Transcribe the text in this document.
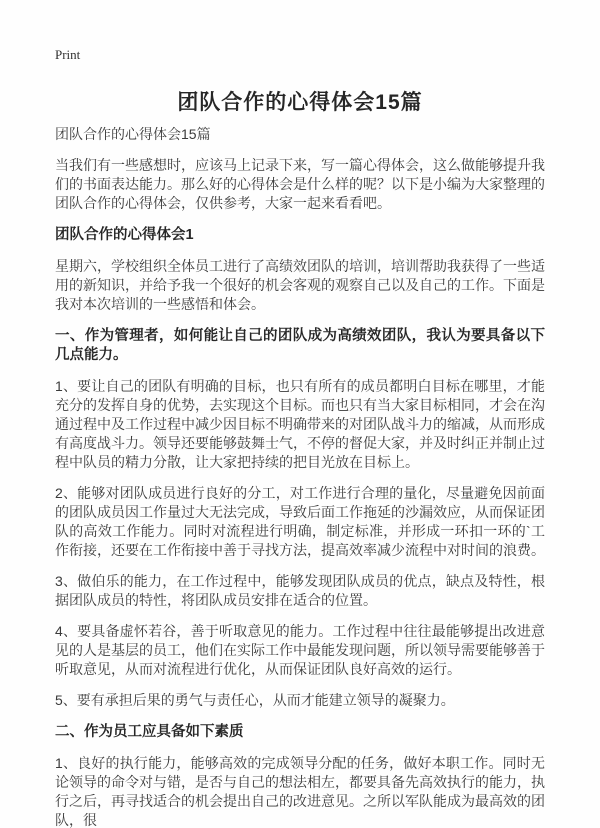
Print
团队合作的心得体会15篇

团队合作的心得体会15篇

当我们有一些感想时，应该马上记录下来，写一篇心得体会，这么做能够提升我们的书面表达能力。那么好的心得体会是什么样的呢？以下是小编为大家整理的团队合作的心得体会，仅供参考，大家一起来看看吧。

团队合作的心得体会1

星期六，学校组织全体员工进行了高绩效团队的培训，培训帮助我获得了一些适用的新知识，并给予我一个很好的机会客观的观察自己以及自己的工作。下面是我对本次培训的一些感悟和体会。

一、作为管理者，如何能让自己的团队成为高绩效团队，我认为要具备以下几点能力。

1、要让自己的团队有明确的目标，也只有所有的成员都明白目标在哪里，才能充分的发挥自身的优势，去实现这个目标。而也只有当大家目标相同，才会在沟通过程中及工作过程中减少因目标不明确带来的对团队战斗力的缩减，从而形成有高度战斗力。领导还要能够鼓舞士气，不停的督促大家，并及时纠正并制止过程中队员的精力分散，让大家把持续的把目光放在目标上。

2、能够对团队成员进行良好的分工，对工作进行合理的量化，尽量避免因前面的团队成员因工作量过大无法完成，导致后面工作拖延的沙漏效应，从而保证团队的高效工作能力。同时对流程进行明确，制定标准，并形成一环扣一环的`工作衔接，还要在工作衔接中善于寻找方法，提高效率减少流程中对时间的浪费。

3、做伯乐的能力，在工作过程中，能够发现团队成员的优点，缺点及特性，根据团队成员的特性，将团队成员安排在适合的位置。

4、要具备虚怀若谷，善于听取意见的能力。工作过程中往往最能够提出改进意见的人是基层的员工，他们在实际工作中最能发现问题，所以领导需要能够善于听取意见，从而对流程进行优化，从而保证团队良好高效的运行。

5、要有承担后果的勇气与责任心，从而才能建立领导的凝聚力。

二、作为员工应具备如下素质

1、良好的执行能力，能够高效的完成领导分配的任务，做好本职工作。同时无论领导的命令对与错，是否与自己的想法相左，都要具备先高效执行的能力，执行之后，再寻找适合的机会提出自己的改进意见。之所以军队能成为最高效的团队，很
